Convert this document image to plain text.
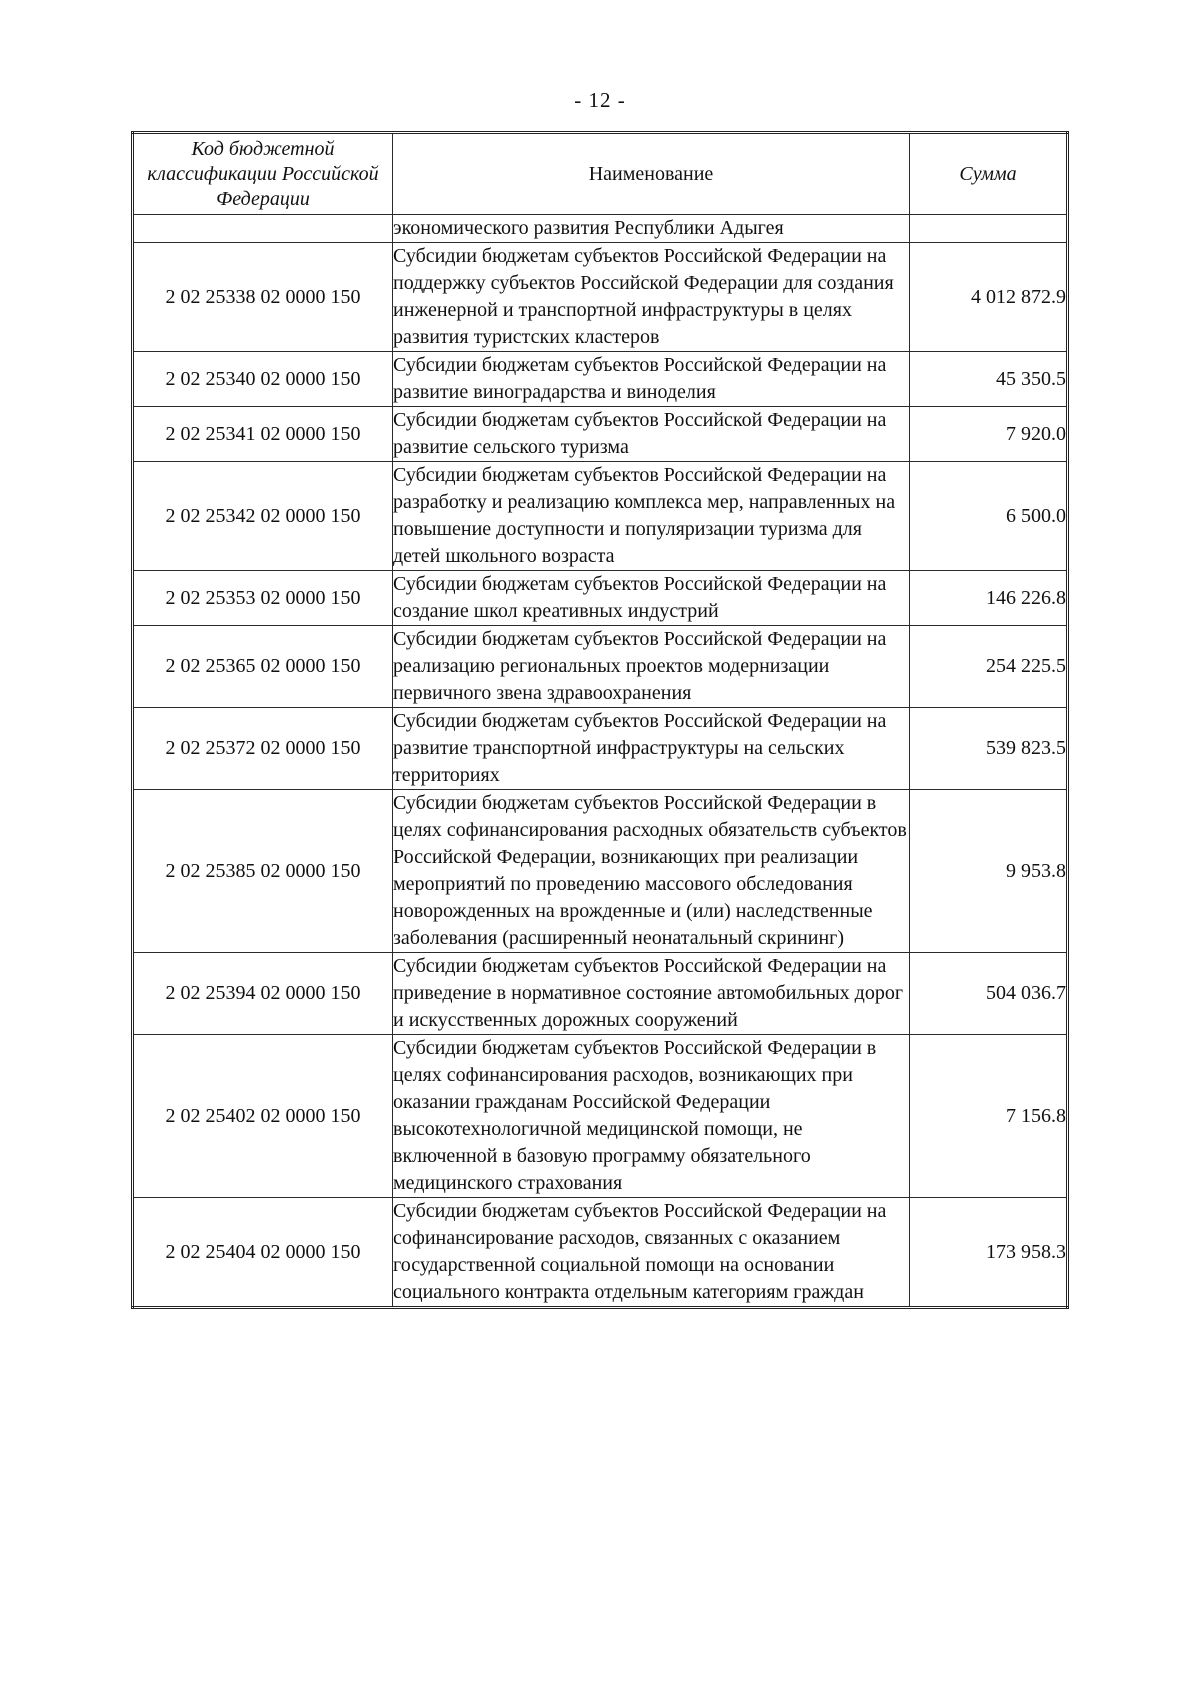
- 12 -
Код бюджетной классификации Российской Федерации	Наименование	Сумма
	экономического развития Республики Адыгея	
2 02 25338 02 0000 150	Субсидии бюджетам субъектов Российской Федерации на поддержку субъектов Российской Федерации для создания инженерной и транспортной инфраструктуры в целях развития туристских кластеров	4 012 872.9
2 02 25340 02 0000 150	Субсидии бюджетам субъектов Российской Федерации на развитие виноградарства и виноделия	45 350.5
2 02 25341 02 0000 150	Субсидии бюджетам субъектов Российской Федерации на развитие сельского туризма	7 920.0
2 02 25342 02 0000 150	Субсидии бюджетам субъектов Российской Федерации на разработку и реализацию комплекса мер, направленных на повышение доступности и популяризации туризма для детей школьного возраста	6 500.0
2 02 25353 02 0000 150	Субсидии бюджетам субъектов Российской Федерации на создание школ креативных индустрий	146 226.8
2 02 25365 02 0000 150	Субсидии бюджетам субъектов Российской Федерации на реализацию региональных проектов модернизации первичного звена здравоохранения	254 225.5
2 02 25372 02 0000 150	Субсидии бюджетам субъектов Российской Федерации на развитие транспортной инфраструктуры на сельских территориях	539 823.5
2 02 25385 02 0000 150	Субсидии бюджетам субъектов Российской Федерации в целях софинансирования расходных обязательств субъектов Российской Федерации, возникающих при реализации мероприятий по проведению массового обследования новорожденных на врожденные и (или) наследственные заболевания (расширенный неонатальный скрининг)	9 953.8
2 02 25394 02 0000 150	Субсидии бюджетам субъектов Российской Федерации на приведение в нормативное состояние автомобильных дорог и искусственных дорожных сооружений	504 036.7
2 02 25402 02 0000 150	Субсидии бюджетам субъектов Российской Федерации в целях софинансирования расходов, возникающих при оказании гражданам Российской Федерации высокотехнологичной медицинской помощи, не включенной в базовую программу обязательного медицинского страхования	7 156.8
2 02 25404 02 0000 150	Субсидии бюджетам субъектов Российской Федерации на софинансирование расходов, связанных с оказанием государственной социальной помощи на основании социального контракта отдельным категориям граждан	173 958.3
